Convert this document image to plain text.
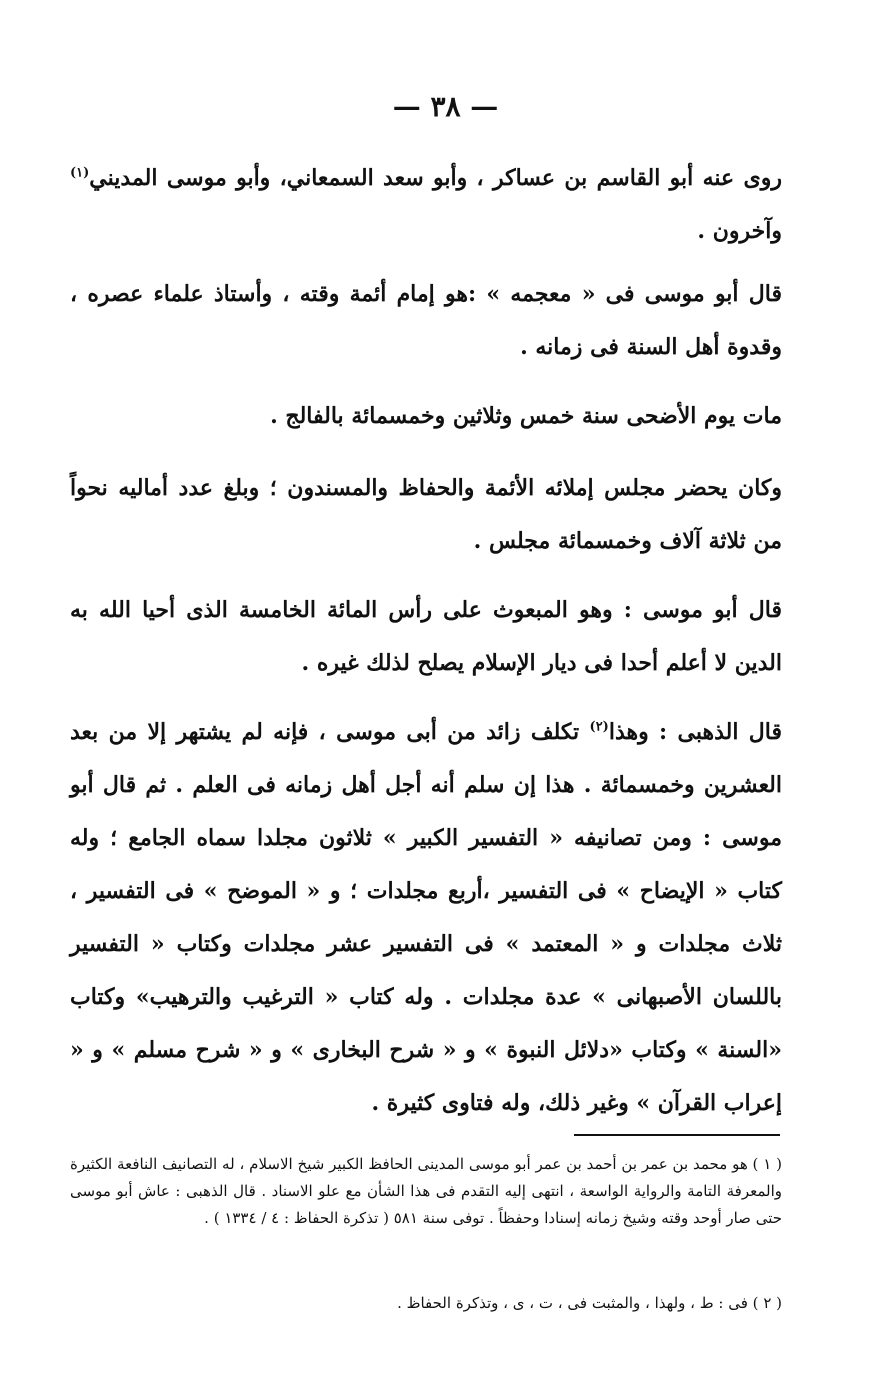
— ٣٨ —

روى عنه أبو القاسم بن عساكر ، وأبو سعد السمعاني، وأبو موسى المديني$^{(١)}$ وآخرون .

قال أبو موسى فى « معجمه » :هو إمام أئمة وقته ، وأستاذ علماء عصره ، وقدوة أهل السنة فى زمانه .

مات يوم الأضحى سنة خمس وثلاثين وخمسمائة بالفالج .

وكان يحضر مجلس إملائه الأئمة والحفاظ والمسندون ؛ وبلغ عدد أماليه نحواً من ثلاثة آلاف وخمسمائة مجلس .

قال أبو موسى : وهو المبعوث على رأس المائة الخامسة الذى أحيا الله به الدين لا أعلم أحدا فى ديار الإسلام يصلح لذلك غيره .

قال الذهبى : وهذا$^{(٢)}$ تكلف زائد من أبى موسى ، فإنه لم يشتهر إلا من بعد العشرين وخمسمائة . هذا إن سلم أنه أجل أهل زمانه فى العلم . ثم قال أبو موسى : ومن تصانيفه « التفسير الكبير » ثلاثون مجلدا سماه الجامع ؛ وله كتاب « الإيضاح » فى التفسير ،أربع مجلدات ؛ و « الموضح » فى التفسير ، ثلاث مجلدات و « المعتمد » فى التفسير عشر مجلدات وكتاب « التفسير باللسان الأصبهانى » عدة مجلدات . وله كتاب « الترغيب والترهيب» وكتاب «السنة » وكتاب «دلائل النبوة » و « شرح البخارى » و « شرح مسلم » و « إعراب القرآن » وغير ذلك، وله فتاوى كثيرة .

( ١ ) هو محمد بن عمر بن أحمد بن عمر أبو موسى المدينى الحافظ الكبير شيخ الاسلام ، له التصانيف النافعة الكثيرة والمعرفة التامة والرواية الواسعة ، انتهى إليه التقدم فى هذا الشأن مع علو الاسناد . قال الذهبى : عاش أبو موسى حتى صار أوحد وقته وشيخ زمانه إسنادا وحفظاً . توفى سنة ٥٨١ ( تذكرة الحفاظ : ٤ / ١٣٣٤ ) .

( ٢ ) فى : ط ، ولهذا ، والمثبت فى ، ت ، ى ، وتذكرة الحفاظ .
